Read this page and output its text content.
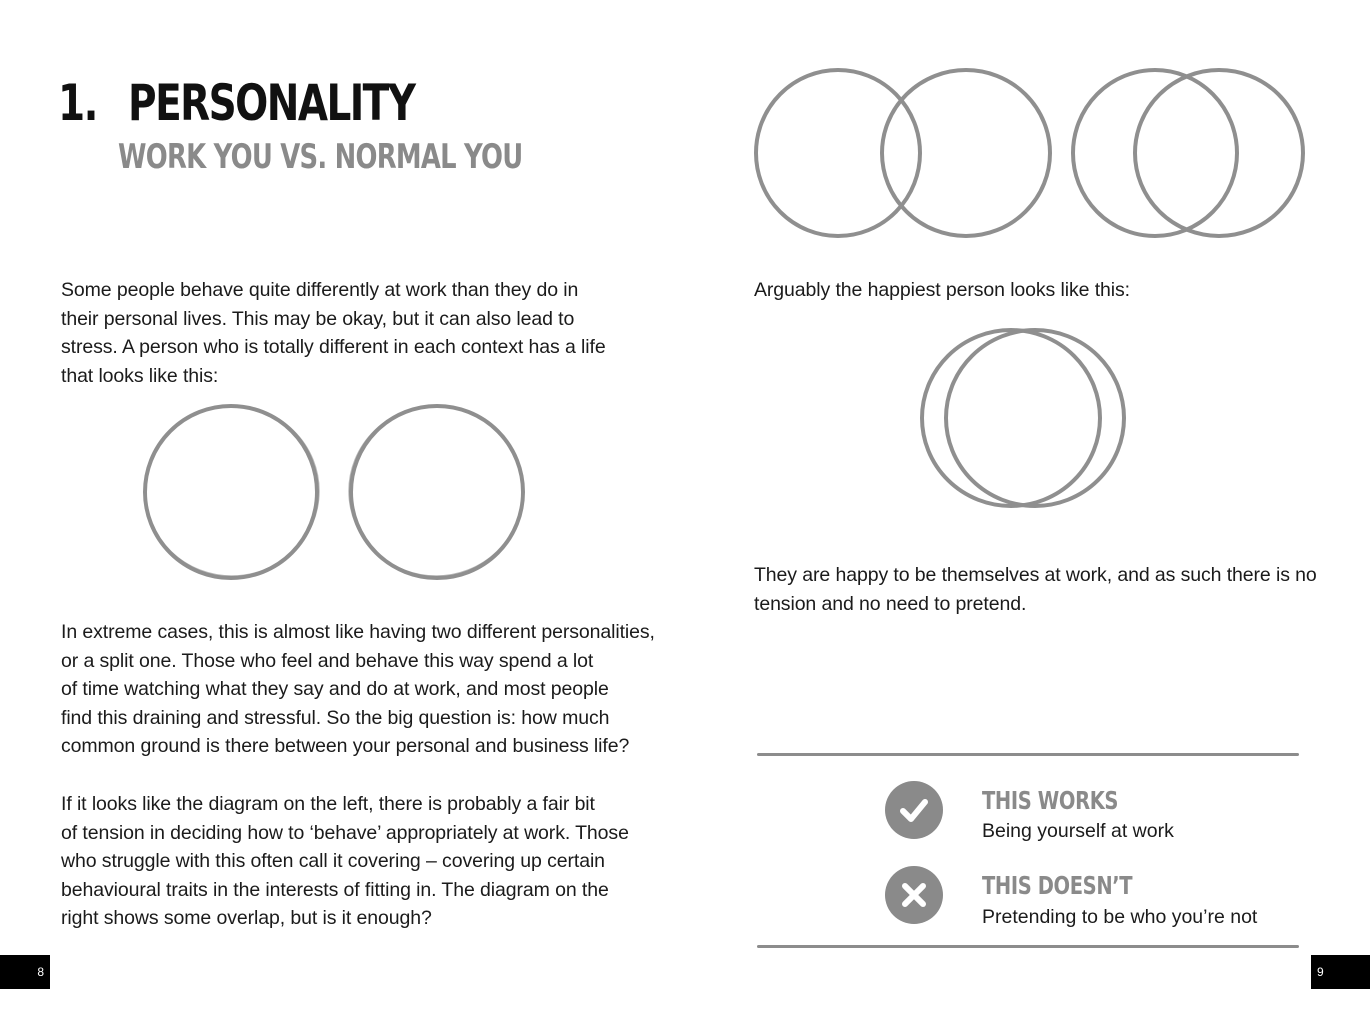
1. PERSONALITY
WORK YOU VS. NORMAL YOU
Some people behave quite differently at work than they do in
their personal lives. This may be okay, but it can also lead to
stress. A person who is totally different in each context has a life
that looks like this:
In extreme cases, this is almost like having two different personalities,
or a split one. Those who feel and behave this way spend a lot
of time watching what they say and do at work, and most people
find this draining and stressful. So the big question is: how much
common ground is there between your personal and business life?
If it looks like the diagram on the left, there is probably a fair bit
of tension in deciding how to ‘behave’ appropriately at work. Those
who struggle with this often call it covering – covering up certain
behavioural traits in the interests of fitting in. The diagram on the
right shows some overlap, but is it enough?
8
Arguably the happiest person looks like this:
They are happy to be themselves at work, and as such there is no
tension and no need to pretend.
THIS WORKS
Being yourself at work
THIS DOESN’T
Pretending to be who you’re not
9
